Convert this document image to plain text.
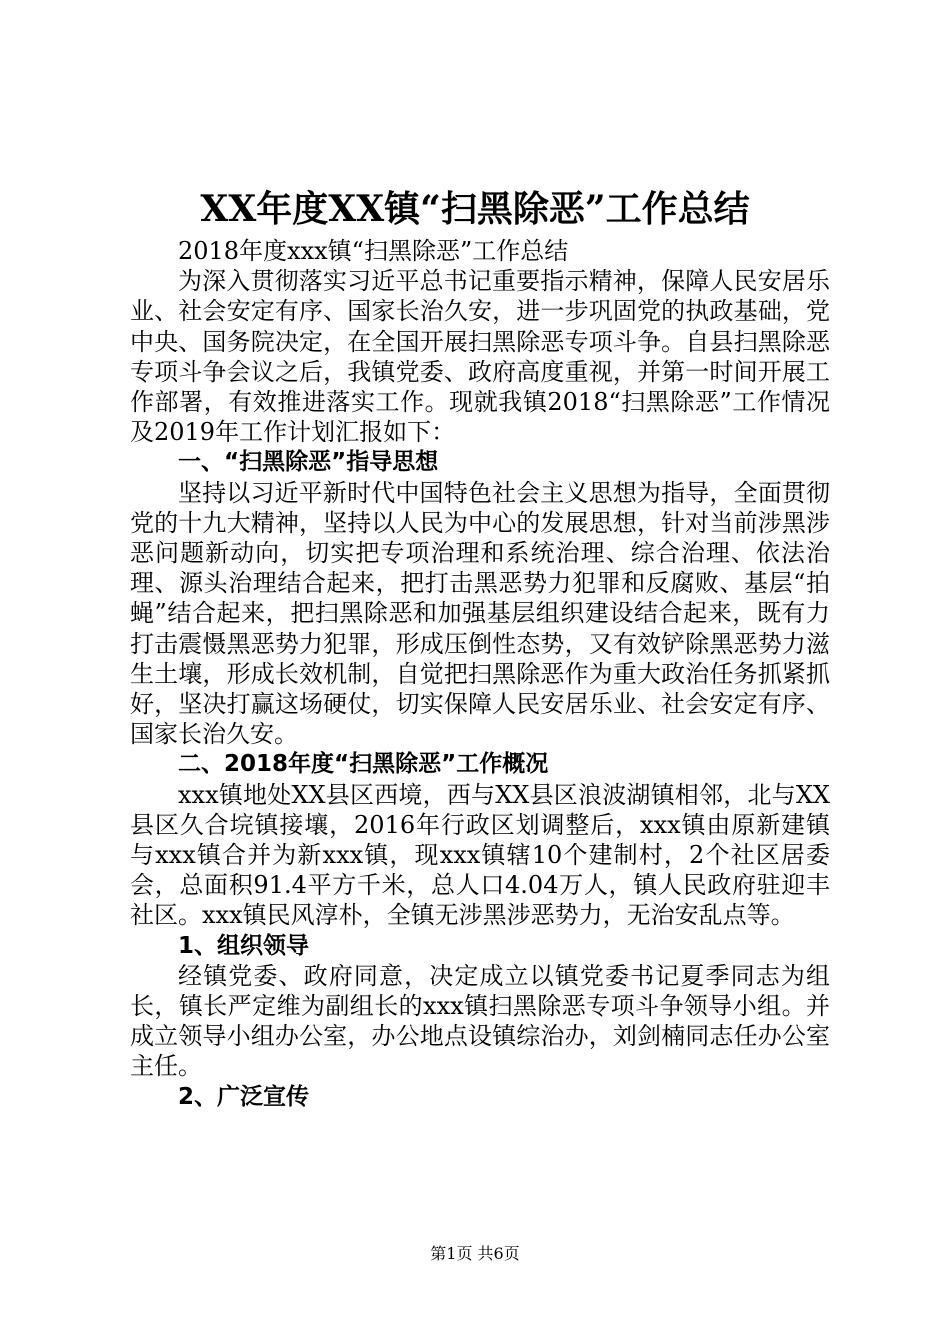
XX年度XX镇“扫黑除恶”工作总结

2018年度xxx镇“扫黑除恶”工作总结

为深入贯彻落实习近平总书记重要指示精神，保障人民安居乐业、社会安定有序、国家长治久安，进一步巩固党的执政基础，党中央、国务院决定，在全国开展扫黑除恶专项斗争。自县扫黑除恶专项斗争会议之后，我镇党委、政府高度重视，并第一时间开展工作部署，有效推进落实工作。现就我镇2018“扫黑除恶”工作情况及2019年工作计划汇报如下：

一、“扫黑除恶”指导思想

坚持以习近平新时代中国特色社会主义思想为指导，全面贯彻党的十九大精神，坚持以人民为中心的发展思想，针对当前涉黑涉恶问题新动向，切实把专项治理和系统治理、综合治理、依法治理、源头治理结合起来，把打击黑恶势力犯罪和反腐败、基层“拍蝇”结合起来，把扫黑除恶和加强基层组织建设结合起来，既有力打击震慑黑恶势力犯罪，形成压倒性态势，又有效铲除黑恶势力滋生土壤，形成长效机制，自觉把扫黑除恶作为重大政治任务抓紧抓好，坚决打赢这场硬仗，切实保障人民安居乐业、社会安定有序、国家长治久安。

二、2018年度“扫黑除恶”工作概况

xxx镇地处XX县区西境，西与XX县区浪波湖镇相邻，北与XX县区久合垸镇接壤，2016年行政区划调整后，xxx镇由原新建镇与xxx镇合并为新xxx镇，现xxx镇辖10个建制村，2个社区居委会，总面积91.4平方千米，总人口4.04万人，镇人民政府驻迎丰社区。xxx镇民风淳朴，全镇无涉黑涉恶势力，无治安乱点等。

1、组织领导

经镇党委、政府同意，决定成立以镇党委书记夏季同志为组长，镇长严定维为副组长的xxx镇扫黑除恶专项斗争领导小组。并成立领导小组办公室，办公地点设镇综治办，刘剑楠同志任办公室主任。

2、广泛宣传

第1页 共6页
